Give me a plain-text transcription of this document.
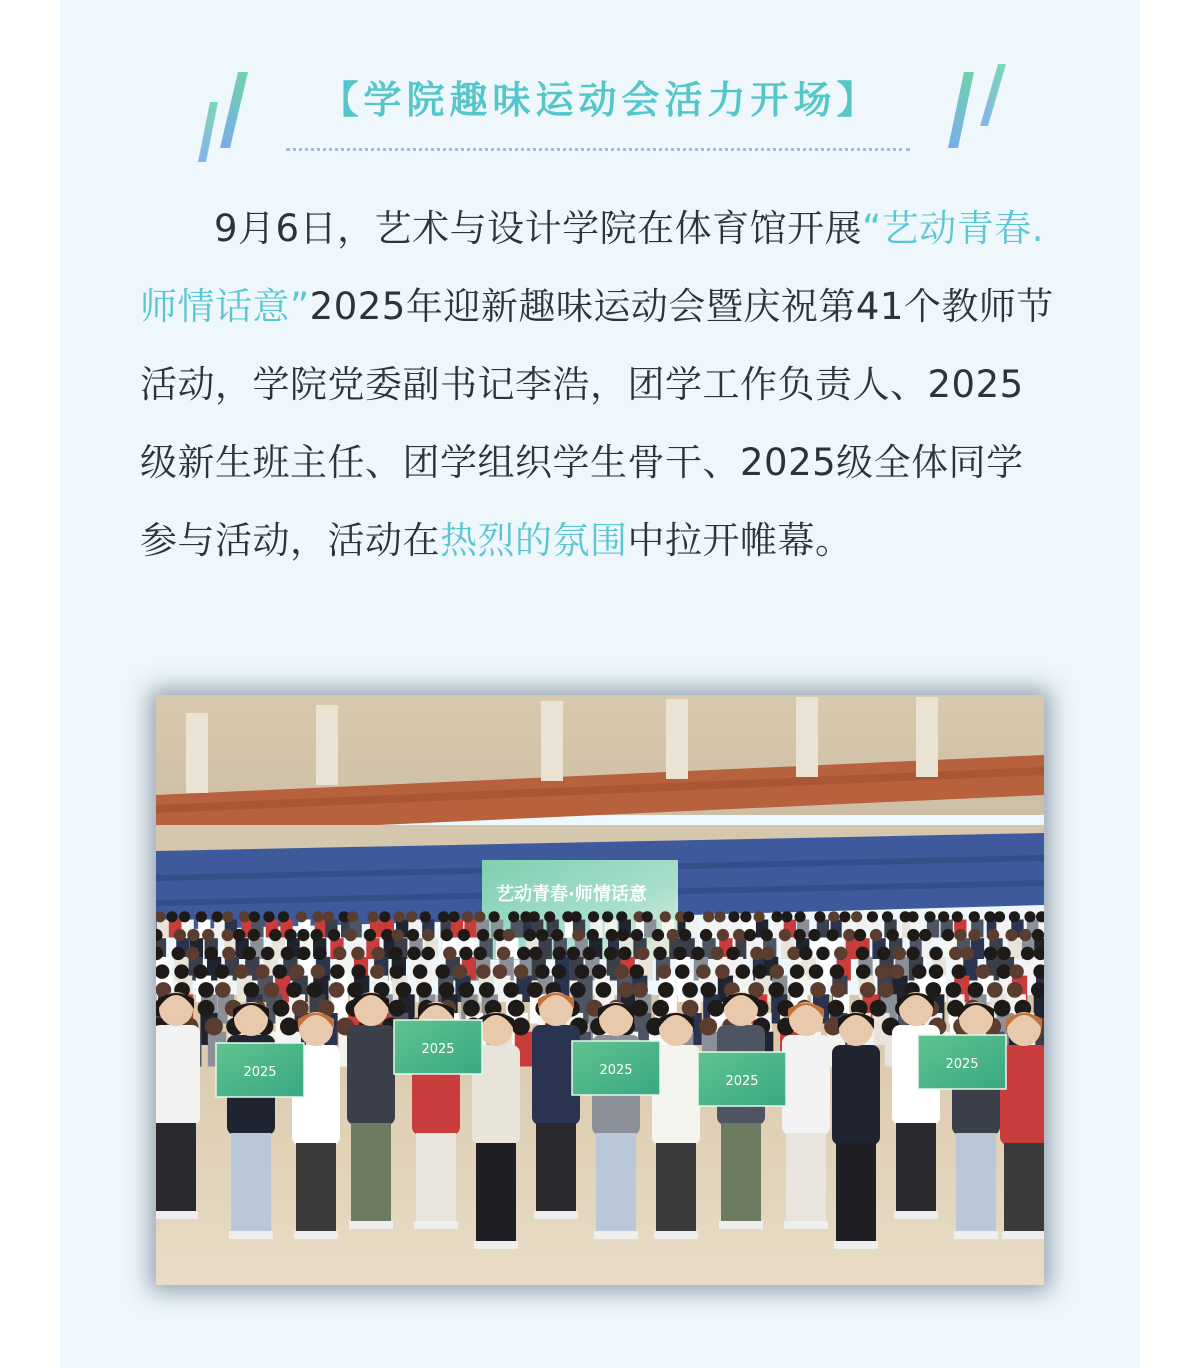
【学院趣味运动会活力开场】

9月6日，艺术与设计学院在体育馆开展“艺动青春.师情话意”2025年迎新趣味运动会暨庆祝第41个教师节活动，学院党委副书记李浩，团学工作负责人、2025级新生班主任、团学组织学生骨干、2025级全体同学参与活动，活动在热烈的氛围中拉开帷幕。

艺动青春·师情话意
2025
2025
2025
2025
2025
